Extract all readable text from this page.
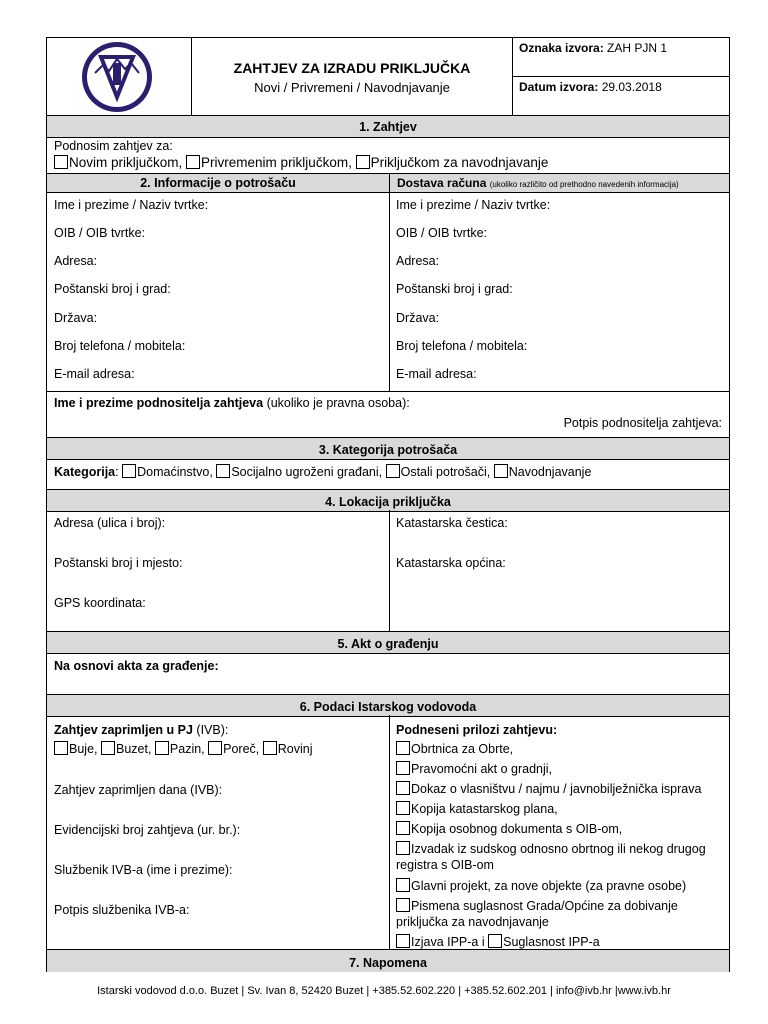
ZAHTJEV ZA IZRADU PRIKLJUČKA
Novi / Privremeni / Navodnjavanje
Oznaka izvora: ZAH PJN 1
Datum izvora: 29.03.2018
1. Zahtjev
Podnosim zahtjev za:
Novim priključkom, Privremenim priključkom, Priključkom za navodnjavanje
2. Informacije o potrošaču	Dostava računa (ukoliko različito od prethodno navedenih informacija)
Ime i prezime / Naziv tvrtke:
OIB / OIB tvrtke:
Adresa:
Poštanski broj i grad:
Država:
Broj telefona / mobitela:
E-mail adresa:
Ime i prezime / Naziv tvrtke:
OIB / OIB tvrtke:
Adresa:
Poštanski broj i grad:
Država:
Broj telefona / mobitela:
E-mail adresa:
Ime i prezime podnositelja zahtjeva (ukoliko je pravna osoba):
Potpis podnositelja zahtjeva:
3. Kategorija potrošača
Kategorija: Domaćinstvo, Socijalno ugroženi građani, Ostali potrošači, Navodnjavanje
4. Lokacija priključka
Adresa (ulica i broj):
Poštanski broj i mjesto:
GPS koordinata:
Katastarska čestica:
Katastarska općina:
5. Akt o građenju
Na osnovi akta za građenje:
6. Podaci Istarskog vodovoda
Zahtjev zaprimljen u PJ (IVB):
Buje, Buzet, Pazin, Poreč, Rovinj
Zahtjev zaprimljen dana (IVB):
Evidencijski broj zahtjeva (ur. br.):
Službenik IVB-a (ime i prezime):
Potpis službenika IVB-a:
Podneseni prilozi zahtjevu:
Obrtnica za Obrte,
Pravomoćni akt o gradnji,
Dokaz o vlasništvu / najmu / javnobilježnička isprava
Kopija katastarskog plana,
Kopija osobnog dokumenta s OIB-om,
Izvadak iz sudskog odnosno obrtnog ili nekog drugog
registra s OIB-om
Glavni projekt, za nove objekte (za pravne osobe)
Pismena suglasnost Grada/Općine za dobivanje
priključka za navodnjavanje
Izjava IPP-a i Suglasnost IPP-a
7. Napomena
Istarski vodovod d.o.o. Buzet | Sv. Ivan 8, 52420 Buzet | +385.52.602.220 | +385.52.602.201 | info@ivb.hr |www.ivb.hr
